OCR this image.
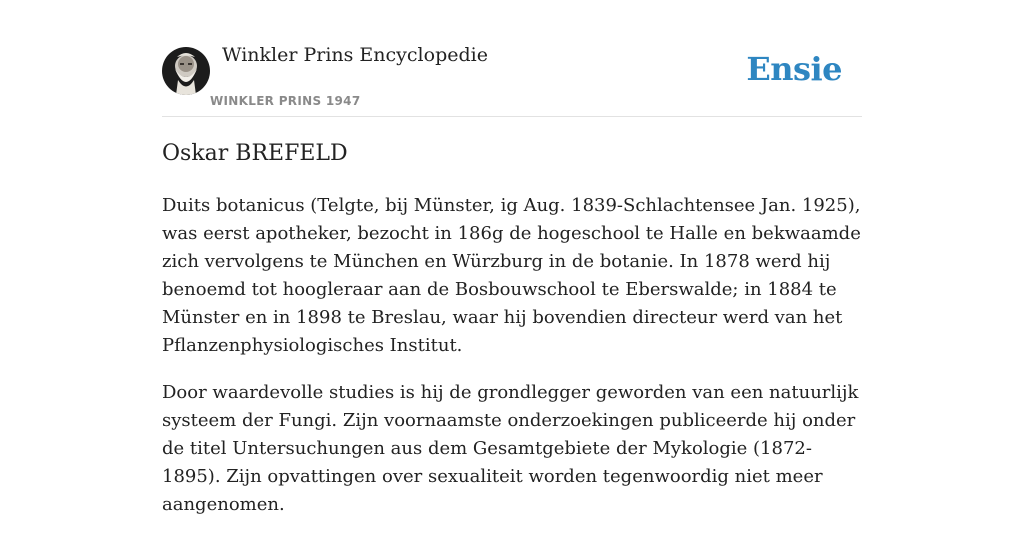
Winkler Prins Encyclopedie
WINKLER PRINS 1947
Ensie
Oskar BREFELD

Duits botanicus (Telgte, bij Münster, ig Aug. 1839-Schlachtensee Jan. 1925), was eerst apotheker, bezocht in 186g de hogeschool te Halle en bekwaamde zich vervolgens te München en Würzburg in de botanie. In 1878 werd hij benoemd tot hoogleraar aan de Bosbouwschool te Eberswalde; in 1884 te Münster en in 1898 te Breslau, waar hij bovendien directeur werd van het Pflanzenphysiologisches Institut.

Door waardevolle studies is hij de grondlegger geworden van een natuurlijk systeem der Fungi. Zijn voornaamste onderzoekingen publiceerde hij onder de titel Untersuchungen aus dem Gesamtgebiete der Mykologie (1872-1895). Zijn opvattingen over sexualiteit worden tegenwoordig niet meer aangenomen.
